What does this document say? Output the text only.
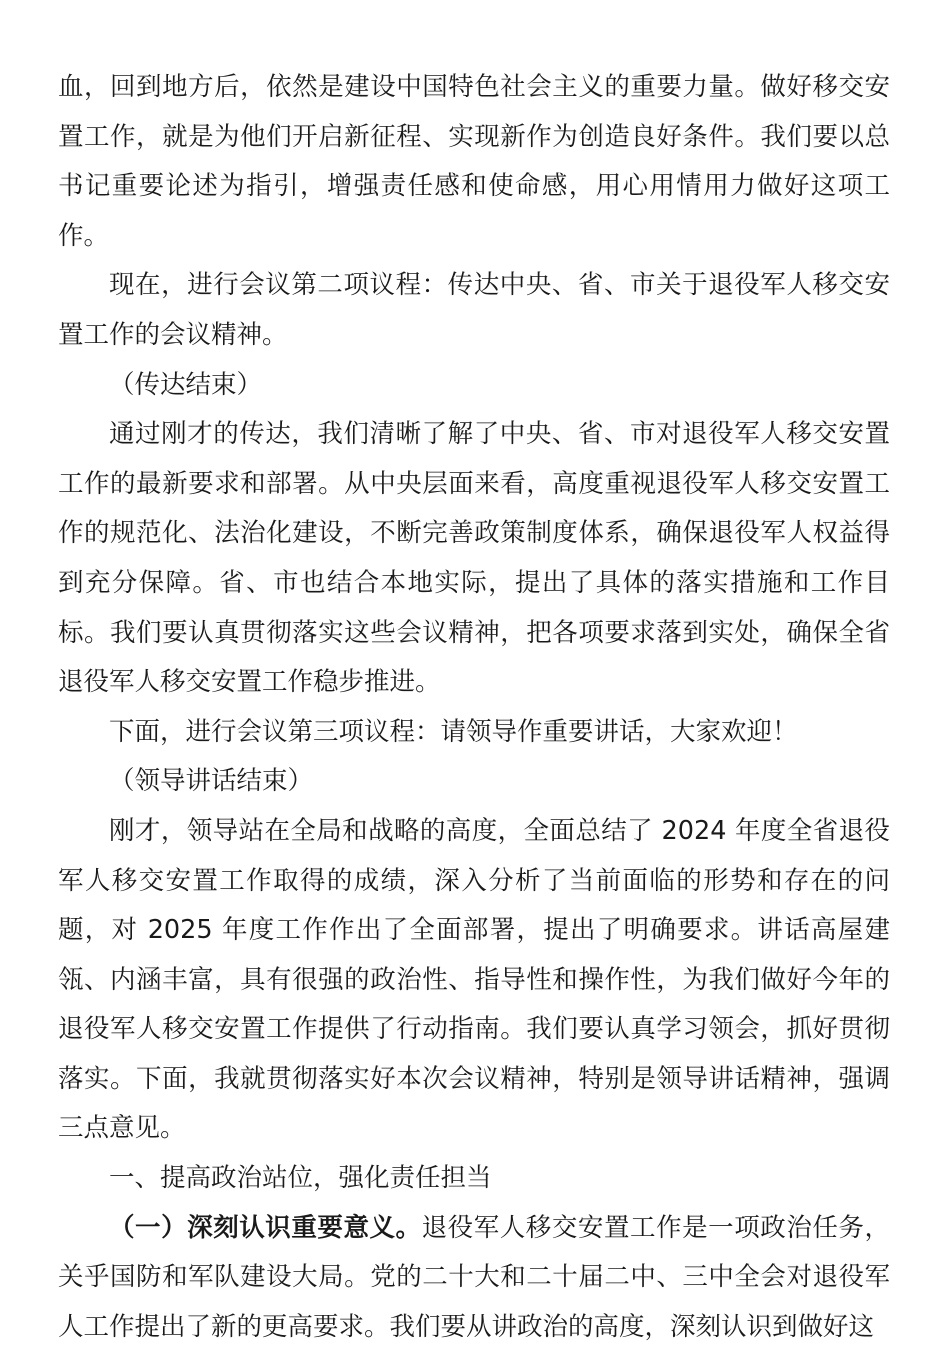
血，回到地方后，依然是建设中国特色社会主义的重要力量。做好移交安置工作，就是为他们开启新征程、实现新作为创造良好条件。我们要以总书记重要论述为指引，增强责任感和使命感，用心用情用力做好这项工作。

现在，进行会议第二项议程：传达中央、省、市关于退役军人移交安置工作的会议精神。

（传达结束）

通过刚才的传达，我们清晰了解了中央、省、市对退役军人移交安置工作的最新要求和部署。从中央层面来看，高度重视退役军人移交安置工作的规范化、法治化建设，不断完善政策制度体系，确保退役军人权益得到充分保障。省、市也结合本地实际，提出了具体的落实措施和工作目标。我们要认真贯彻落实这些会议精神，把各项要求落到实处，确保全省退役军人移交安置工作稳步推进。

下面，进行会议第三项议程：请领导作重要讲话，大家欢迎！

（领导讲话结束）

刚才，领导站在全局和战略的高度，全面总结了 2024 年度全省退役军人移交安置工作取得的成绩，深入分析了当前面临的形势和存在的问题，对 2025 年度工作作出了全面部署，提出了明确要求。讲话高屋建瓴、内涵丰富，具有很强的政治性、指导性和操作性，为我们做好今年的退役军人移交安置工作提供了行动指南。我们要认真学习领会，抓好贯彻落实。下面，我就贯彻落实好本次会议精神，特别是领导讲话精神，强调三点意见。

一、提高政治站位，强化责任担当

（一）深刻认识重要意义。退役军人移交安置工作是一项政治任务，关乎国防和军队建设大局。党的二十大和二十届二中、三中全会对退役军人工作提出了新的更高要求。我们要从讲政治的高度，深刻认识到做好这
